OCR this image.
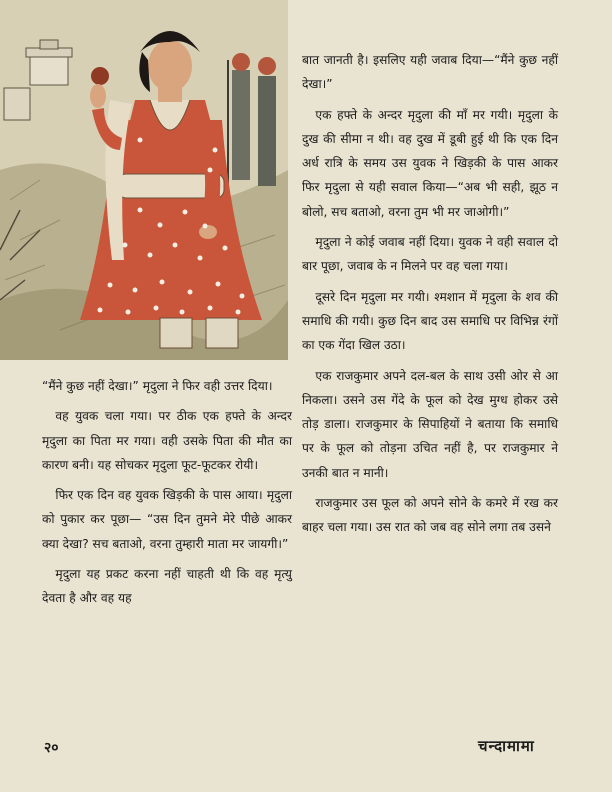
“मैंने कुछ नहीं देखा।” मृदुला ने फिर वही उत्तर दिया।

वह युवक चला गया। पर ठीक एक हफ्ते के अन्दर मृदुला का पिता मर गया। वही उसके पिता की मौत का कारण बनी। यह सोचकर मृदुला फूट-फूटकर रोयी।

फिर एक दिन वह युवक खिड़की के पास आया। मृदुला को पुकार कर पूछा— “उस दिन तुमने मेरे पीछे आकर क्या देखा? सच बताओ, वरना तुम्हारी माता मर जायगी।”

मृदुला यह प्रकट करना नहीं चाहती थी कि वह मृत्यु देवता है और वह यह

बात जानती है। इसलिए यही जवाब दिया—“मैंने कुछ नहीं देखा।”

एक हफ्ते के अन्दर मृदुला की माँ मर गयी। मृदुला के दुख की सीमा न थी। वह दुख में डूबी हुई थी कि एक दिन अर्ध रात्रि के समय उस युवक ने खिड़की के पास आकर फिर मृदुला से यही सवाल किया—“अब भी सही, झूठ न बोलो, सच बताओ, वरना तुम भी मर जाओगी।”

मृदुला ने कोई जवाब नहीं दिया। युवक ने वही सवाल दो बार पूछा, जवाब के न मिलने पर वह चला गया।

दूसरे दिन मृदुला मर गयी। श्मशान में मृदुला के शव की समाधि की गयी। कुछ दिन बाद उस समाधि पर विभिन्न रंगों का एक गेंदा खिल उठा।

एक राजकुमार अपने दल-बल के साथ उसी ओर से आ निकला। उसने उस गेंदे के फूल को देख मुग्ध होकर उसे तोड़ डाला। राजकुमार के सिपाहियों ने बताया कि समाधि पर के फूल को तोड़ना उचित नहीं है, पर राजकुमार ने उनकी बात न मानी।

राजकुमार उस फूल को अपने सोने के कमरे में रख कर बाहर चला गया। उस रात को जब वह सोने लगा तब उसने

२०	चन्दामामा
